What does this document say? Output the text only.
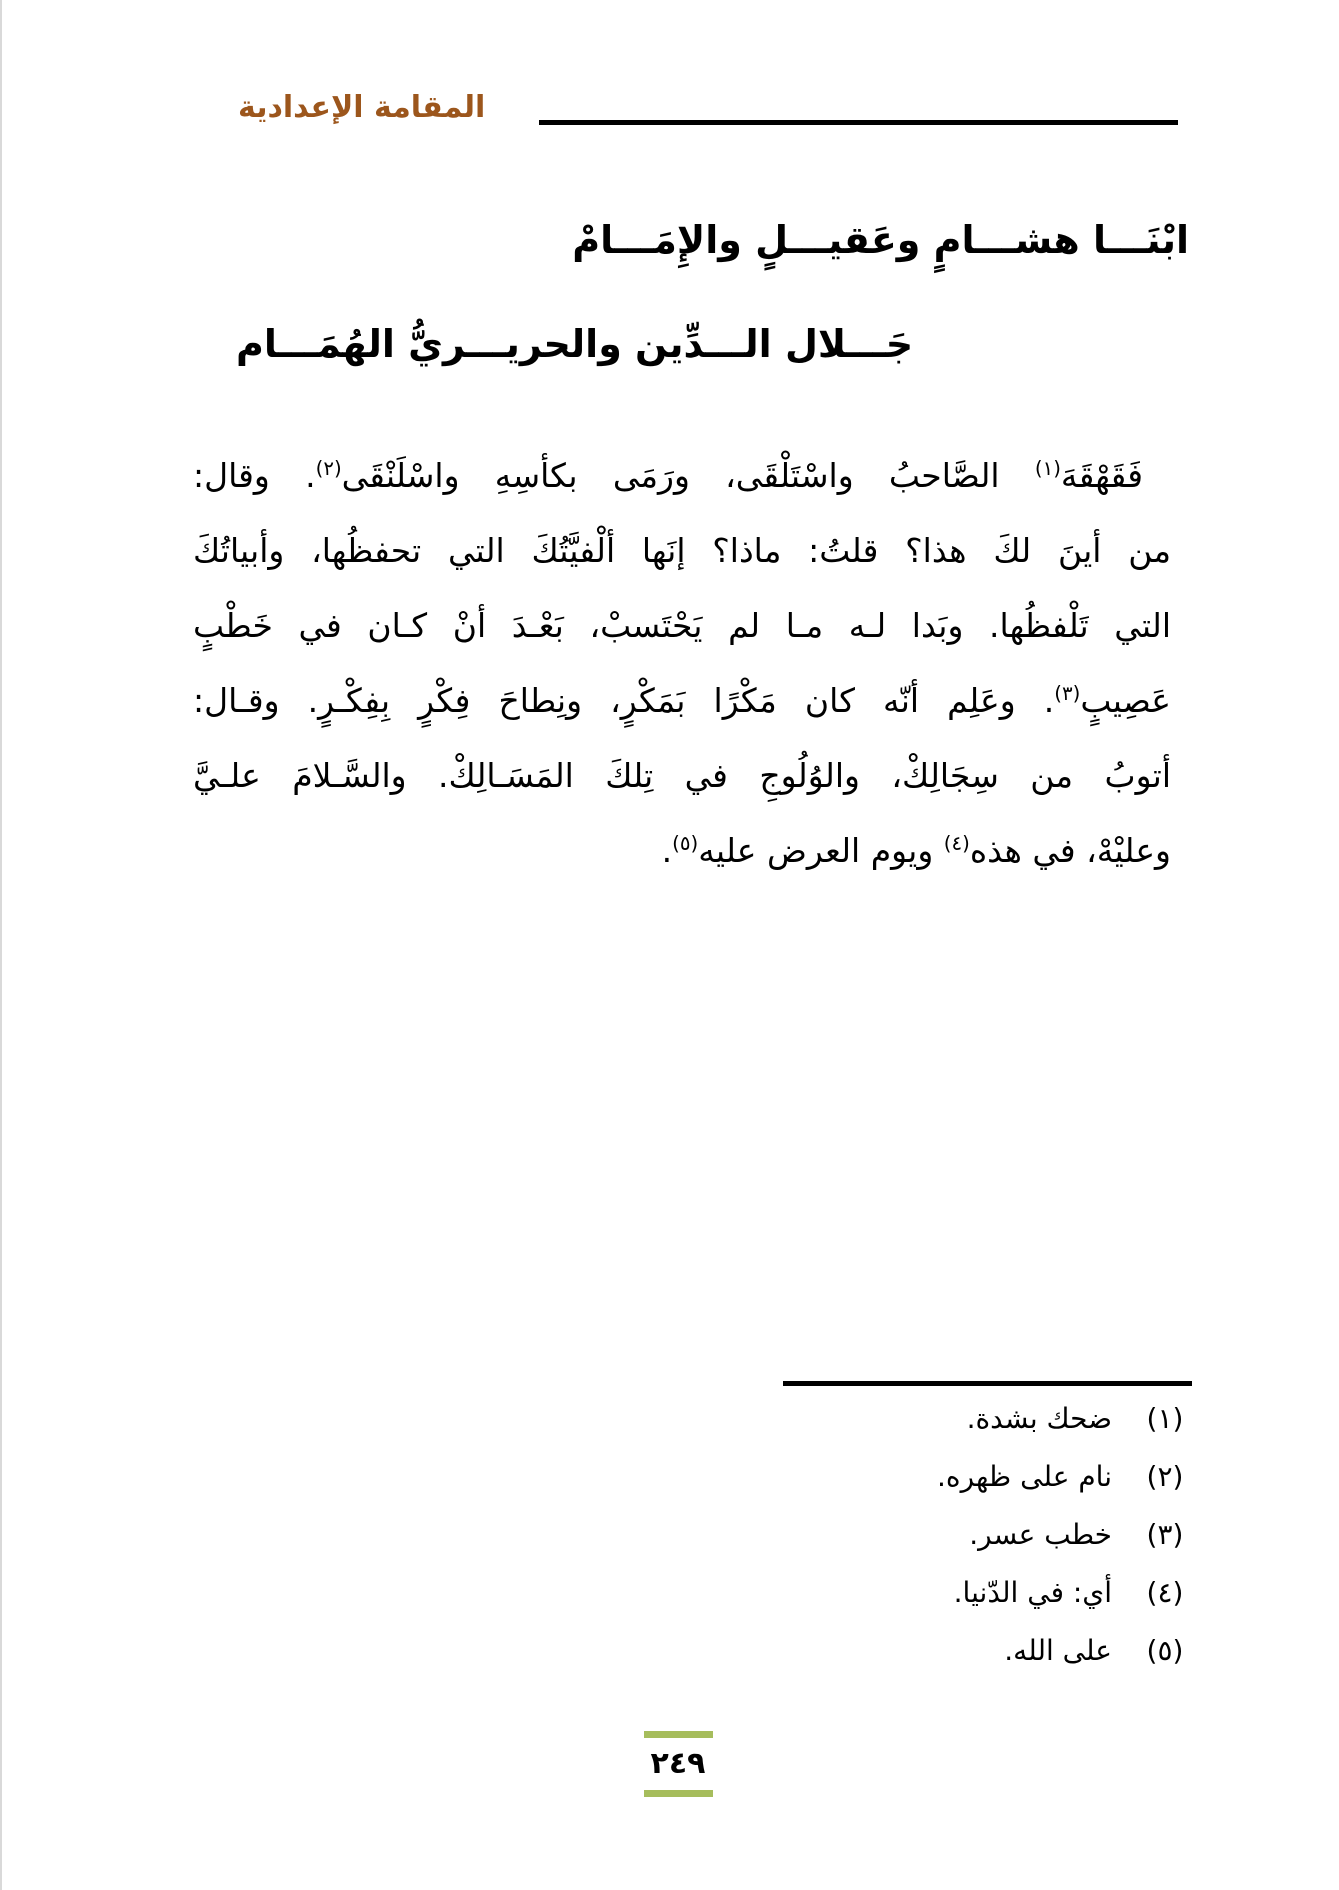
المقامة الإعدادية
ابْنَـــا هشـــامٍ وعَقيـــلٍ والإِمَـــامْ
جَـــلال الـــدِّين والحريـــريُّ الهُمَـــام
فَقَهْقَهَ$^{(١)}$ الصَّاحبُ واسْتَلْقَى، ورَمَى بكأسِهِ واسْلَنْقَى$^{(٢)}$. وقال:
من أينَ لكَ هذا؟ قلتُ: ماذا؟ إنَها ألْفيَّتُكَ التي تحفظُها، وأبياتُكَ
التي تَلْفظُها. وبَدا لـه مـا لم يَحْتَسبْ، بَعْـدَ أنْ كـان في خَطْبٍ
عَصِيبٍ$^{(٣)}$. وعَلِم أنّه كان مَكْرًا بَمَكْرٍ، ونِطاحَ فِكْرٍ بِفِكْـرٍ. وقـال:
أتوبُ من سِجَالِكْ، والوُلُوجِ في تِلكَ المَسَـالِكْ. والسَّـلامَ علـيَّ
وعليْهْ، في هذه$^{(٤)}$ ويوم العرض عليه$^{(٥)}$.
(١)
ضحك بشدة.
(٢)
نام على ظهره.
(٣)
خطب عسر.
(٤)
أي: في الدّنيا.
(٥)
على الله.
٢٤٩
